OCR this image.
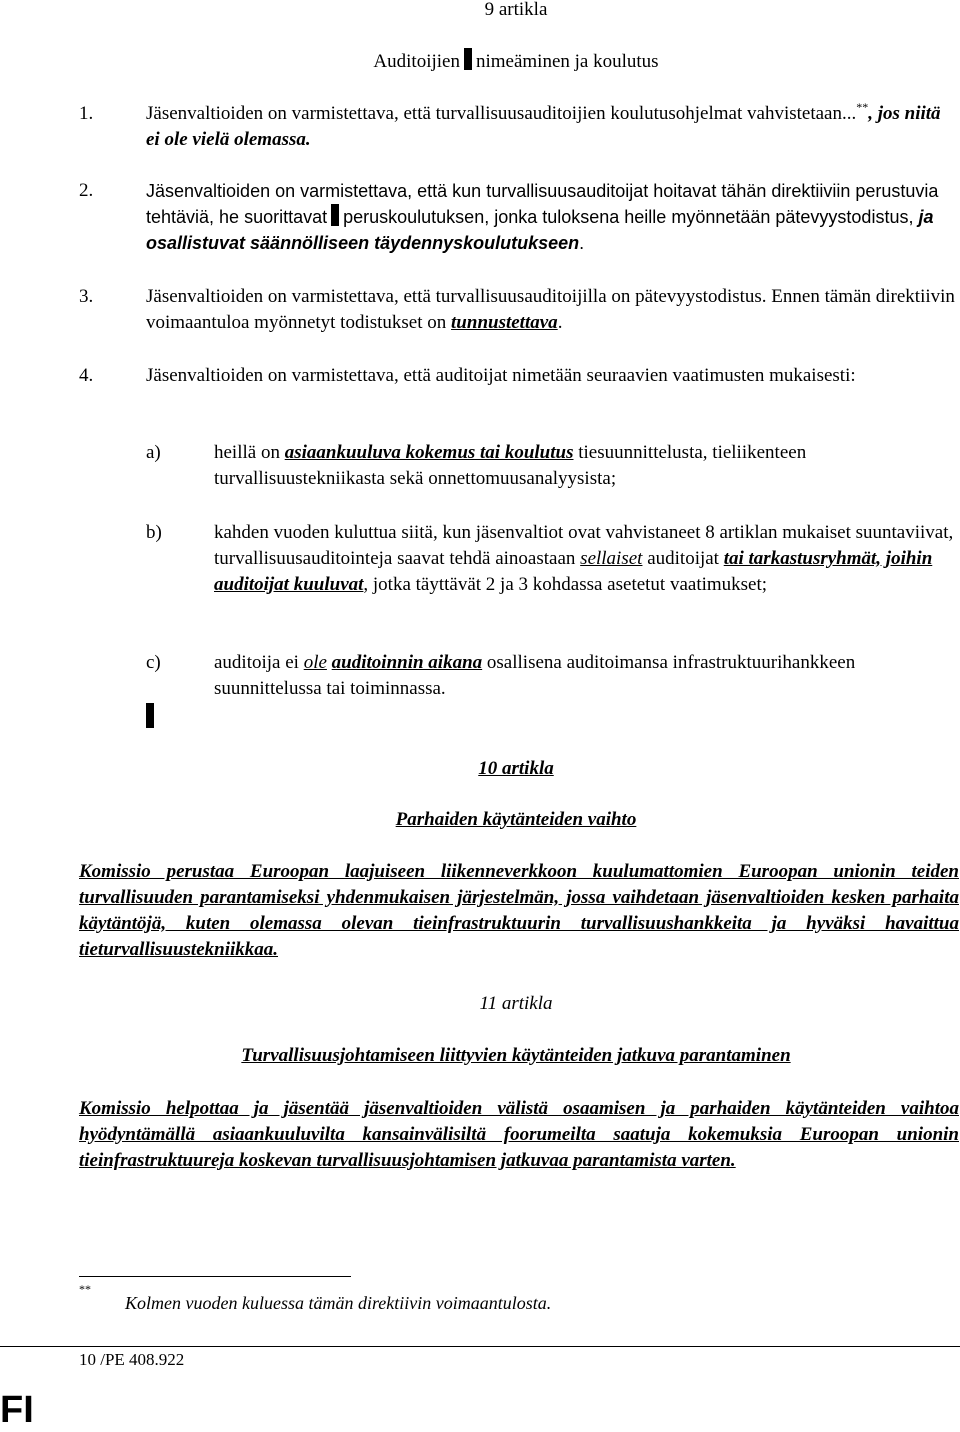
9 artikla
Auditoijien nimeäminen ja koulutus
1.	Jäsenvaltioiden on varmistettava, että turvallisuusauditoijien koulutusohjelmat vahvistetaan...**, jos niitä ei ole vielä olemassa.
2.	Jäsenvaltioiden on varmistettava, että kun turvallisuusauditoijat hoitavat tähän direktiiviin perustuvia tehtäviä, he suorittavat peruskoulutuksen, jonka tuloksena heille myönnetään pätevyystodistus, ja osallistuvat säännölliseen täydennyskoulutukseen.
3.	Jäsenvaltioiden on varmistettava, että turvallisuusauditoijilla on pätevyystodistus. Ennen tämän direktiivin voimaantuloa myönnetyt todistukset on tunnustettava.
4.	Jäsenvaltioiden on varmistettava, että auditoijat nimetään seuraavien vaatimusten mukaisesti:
a)	heillä on asiaankuuluva kokemus tai koulutus tiesuunnittelusta, tieliikenteen turvallisuustekniikasta sekä onnettomuusanalyysista;
b)	kahden vuoden kuluttua siitä, kun jäsenvaltiot ovat vahvistaneet 8 artiklan mukaiset suuntaviivat, turvallisuusauditointeja saavat tehdä ainoastaan sellaiset auditoijat tai tarkastusryhmät, joihin auditoijat kuuluvat, jotka täyttävät 2 ja 3 kohdassa asetetut vaatimukset;
c)	auditoija ei ole auditoinnin aikana osallisena auditoimansa infrastruktuurihankkeen suunnittelussa tai toiminnassa.
10 artikla
Parhaiden käytänteiden vaihto
Komissio perustaa Euroopan laajuiseen liikenneverkkoon kuulumattomien Euroopan unionin teiden turvallisuuden parantamiseksi yhdenmukaisen järjestelmän, jossa vaihdetaan jäsenvaltioiden kesken parhaita käytäntöjä, kuten olemassa olevan tieinfrastruktuurin turvallisuushankkeita ja hyväksi havaittua tieturvallisuustekniikkaa.
11 artikla
Turvallisuusjohtamiseen liittyvien käytänteiden jatkuva parantaminen
Komissio helpottaa ja jäsentää jäsenvaltioiden välistä osaamisen ja parhaiden käytänteiden vaihtoa hyödyntämällä asiaankuuluvilta kansainvälisiltä foorumeilta saatuja kokemuksia Euroopan unionin tieinfrastruktuureja koskevan turvallisuusjohtamisen jatkuvaa parantamista varten.
**
Kolmen vuoden kuluessa tämän direktiivin voimaantulosta.
10 /PE 408.922
FI
